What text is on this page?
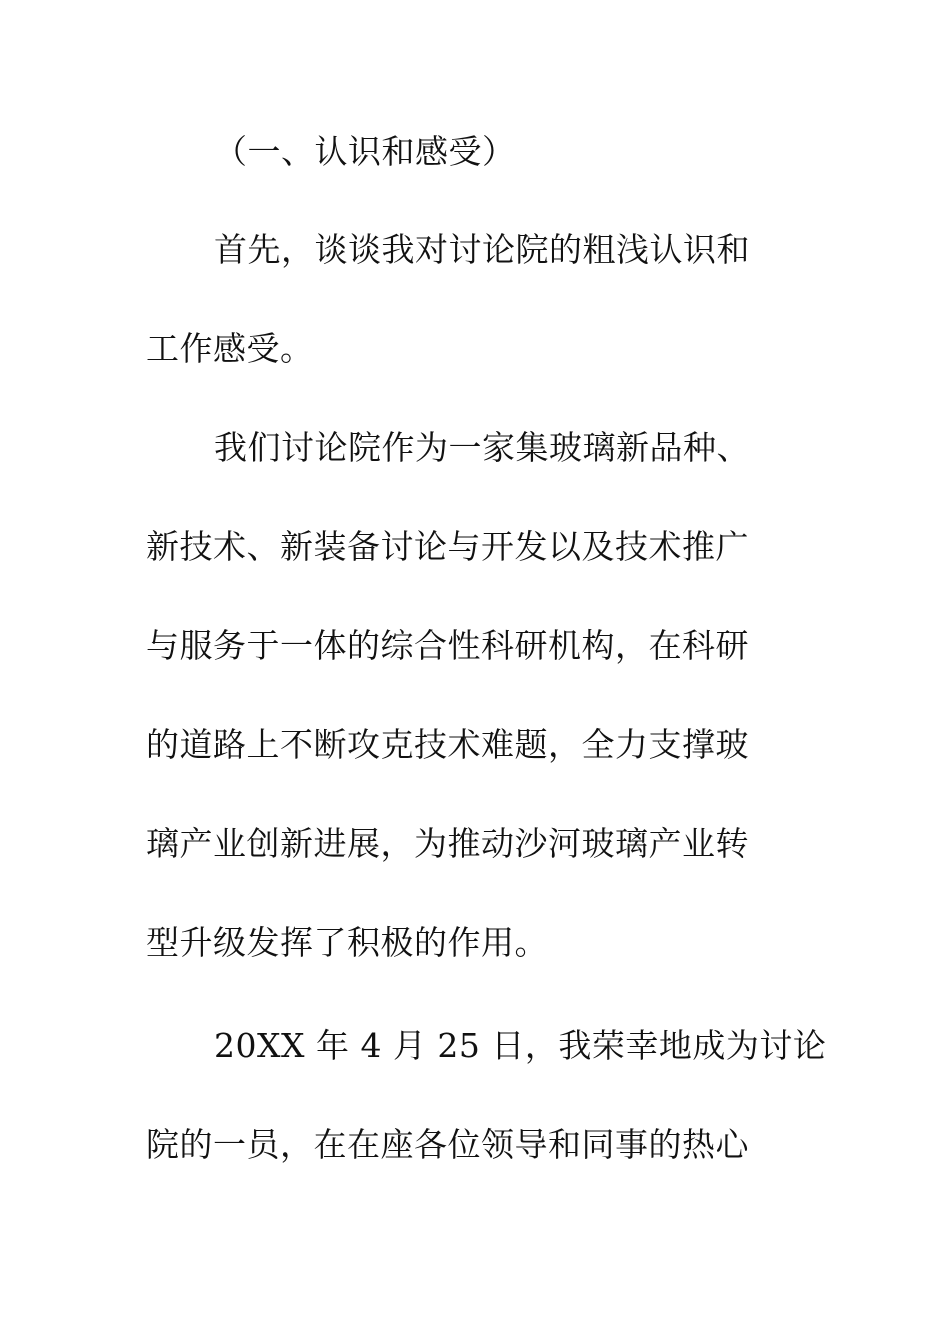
（一、认识和感受）
首先，谈谈我对讨论院的粗浅认识和
工作感受。
我们讨论院作为一家集玻璃新品种、
新技术、新装备讨论与开发以及技术推广
与服务于一体的综合性科研机构，在科研
的道路上不断攻克技术难题，全力支撑玻
璃产业创新进展，为推动沙河玻璃产业转
型升级发挥了积极的作用。
20XX 年 4 月 25 日，我荣幸地成为讨论
院的一员，在在座各位领导和同事的热心
